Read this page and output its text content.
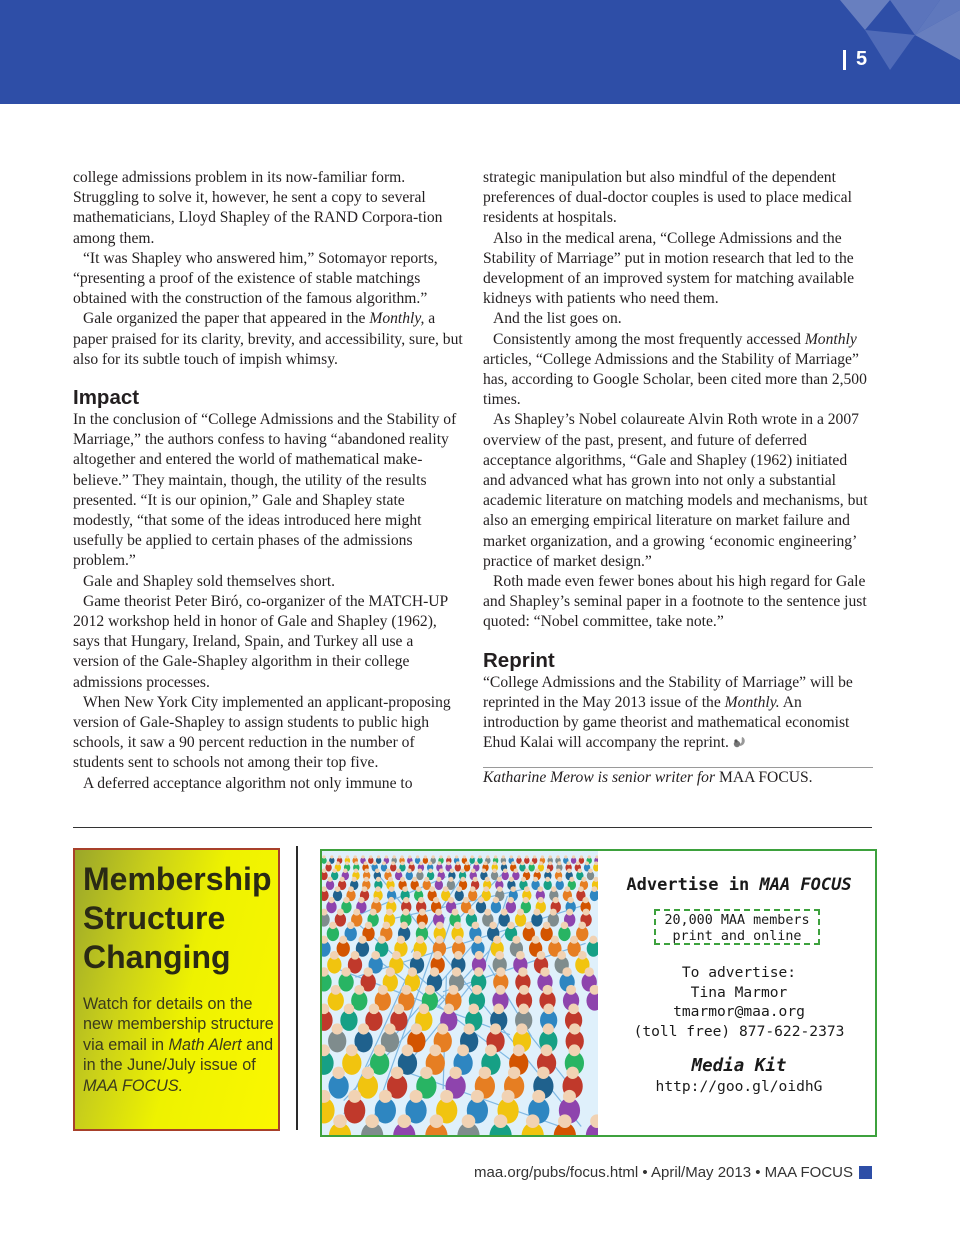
5

college admissions problem in its now-familiar form. Struggling to solve it, however, he sent a copy to several mathematicians, Lloyd Shapley of the RAND Corpora-tion among them.

“It was Shapley who answered him,” Sotomayor reports, “presenting a proof of the existence of stable matchings obtained with the construction of the famous algorithm.”

Gale organized the paper that appeared in the Monthly, a paper praised for its clarity, brevity, and accessibility, sure, but also for its subtle touch of impish whimsy.

Impact

In the conclusion of “College Admissions and the Stability of Marriage,” the authors confess to having “abandoned reality altogether and entered the world of mathematical make-believe.” They maintain, though, the utility of the results presented. “It is our opinion,” Gale and Shapley state modestly, “that some of the ideas introduced here might usefully be applied to certain phases of the admissions problem.”

Gale and Shapley sold themselves short.

Game theorist Peter Biró, co-organizer of the MATCH-UP 2012 workshop held in honor of Gale and Shapley (1962), says that Hungary, Ireland, Spain, and Turkey all use a version of the Gale-Shapley algorithm in their college admissions processes.

When New York City implemented an applicant-proposing version of Gale-Shapley to assign students to public high schools, it saw a 90 percent reduction in the number of students sent to schools not among their top five.

A deferred acceptance algorithm not only immune to

strategic manipulation but also mindful of the dependent preferences of dual-doctor couples is used to place medical residents at hospitals.

Also in the medical arena, “College Admissions and the Stability of Marriage” put in motion research that led to the development of an improved system for matching available kidneys with patients who need them.

And the list goes on.

Consistently among the most frequently accessed Monthly articles, “College Admissions and the Stability of Marriage” has, according to Google Scholar, been cited more than 2,500 times.

As Shapley’s Nobel colaureate Alvin Roth wrote in a 2007 overview of the past, present, and future of deferred acceptance algorithms, “Gale and Shapley (1962) initiated and advanced what has grown into not only a substantial academic literature on matching models and mechanisms, but also an emerging empirical literature on market failure and market organization, and a growing ‘economic engineering’ practice of market design.”

Roth made even fewer bones about his high regard for Gale and Shapley’s seminal paper in a footnote to the sentence just quoted: “Nobel committee, take note.”

Reprint

“College Admissions and the Stability of Marriage” will be reprinted in the May 2013 issue of the Monthly. An introduction by game theorist and mathematical economist Ehud Kalai will accompany the reprint.

Katharine Merow is senior writer for MAA FOCUS.

Membership
Structure
Changing
Watch for details on the new membership structure via email in Math Alert and in the June/July issue of MAA FOCUS.
Advertise in MAA FOCUS
20,000 MAA members
print and online
To advertise:
Tina Marmor
tmarmor@maa.org
(toll free) 877-622-2373
Media Kit
http://goo.gl/oidhG
maa.org/pubs/focus.html • April/May 2013 • MAA FOCUS
